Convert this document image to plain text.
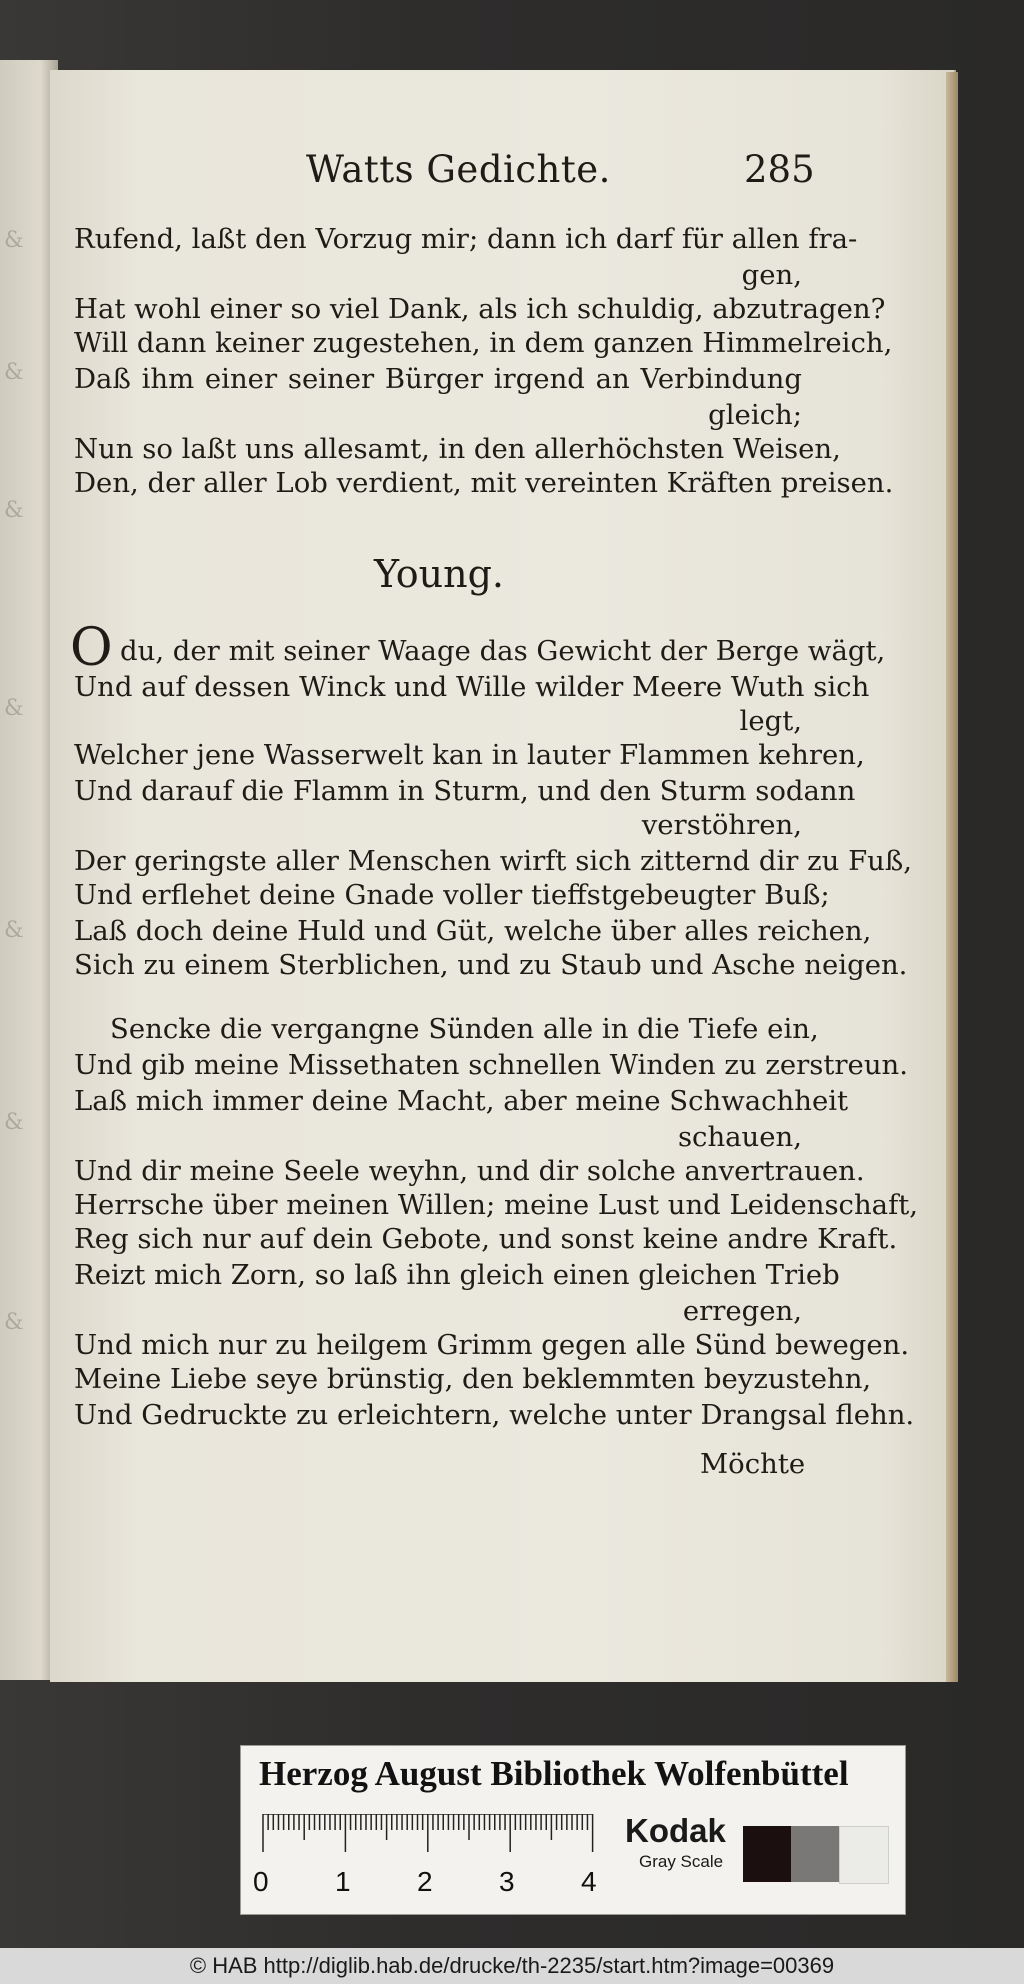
&
&
&
&
&
&
&
Watts Gedichte.	285
Rufend, laßt den Vorzug mir; dann ich darf für allen fra-
gen,
Hat wohl einer so viel Dank, als ich schuldig, abzutragen?
Will dann keiner zugestehen, in dem ganzen Himmelreich,
Daß ihm einer seiner Bürger irgend an Verbindung
gleich;
Nun so laßt uns allesamt, in den allerhöchsten Weisen,
Den, der aller Lob verdient, mit vereinten Kräften preisen.
Young.
O du, der mit seiner Waage das Gewicht der Berge wägt,
Und auf dessen Winck und Wille wilder Meere Wuth sich
legt,
Welcher jene Wasserwelt kan in lauter Flammen kehren,
Und darauf die Flamm in Sturm, und den Sturm sodann
verstöhren,
Der geringste aller Menschen wirft sich zitternd dir zu Fuß,
Und erflehet deine Gnade voller tieffstgebeugter Buß;
Laß doch deine Huld und Güt, welche über alles reichen,
Sich zu einem Sterblichen, und zu Staub und Asche neigen.
Sencke die vergangne Sünden alle in die Tiefe ein,
Und gib meine Missethaten schnellen Winden zu zerstreun.
Laß mich immer deine Macht, aber meine Schwachheit
schauen,
Und dir meine Seele weyhn, und dir solche anvertrauen.
Herrsche über meinen Willen; meine Lust und Leidenschaft,
Reg sich nur auf dein Gebote, und sonst keine andre Kraft.
Reizt mich Zorn, so laß ihn gleich einen gleichen Trieb
erregen,
Und mich nur zu heilgem Grimm gegen alle Sünd bewegen.
Meine Liebe seye brünstig, den beklemmten beyzustehn,
Und Gedruckte zu erleichtern, welche unter Drangsal flehn.
Möchte
Herzog August Bibliothek Wolfenbüttel
0 1 2 3 4
Kodak
Gray Scale
© HAB http://diglib.hab.de/drucke/th-2235/start.htm?image=00369
